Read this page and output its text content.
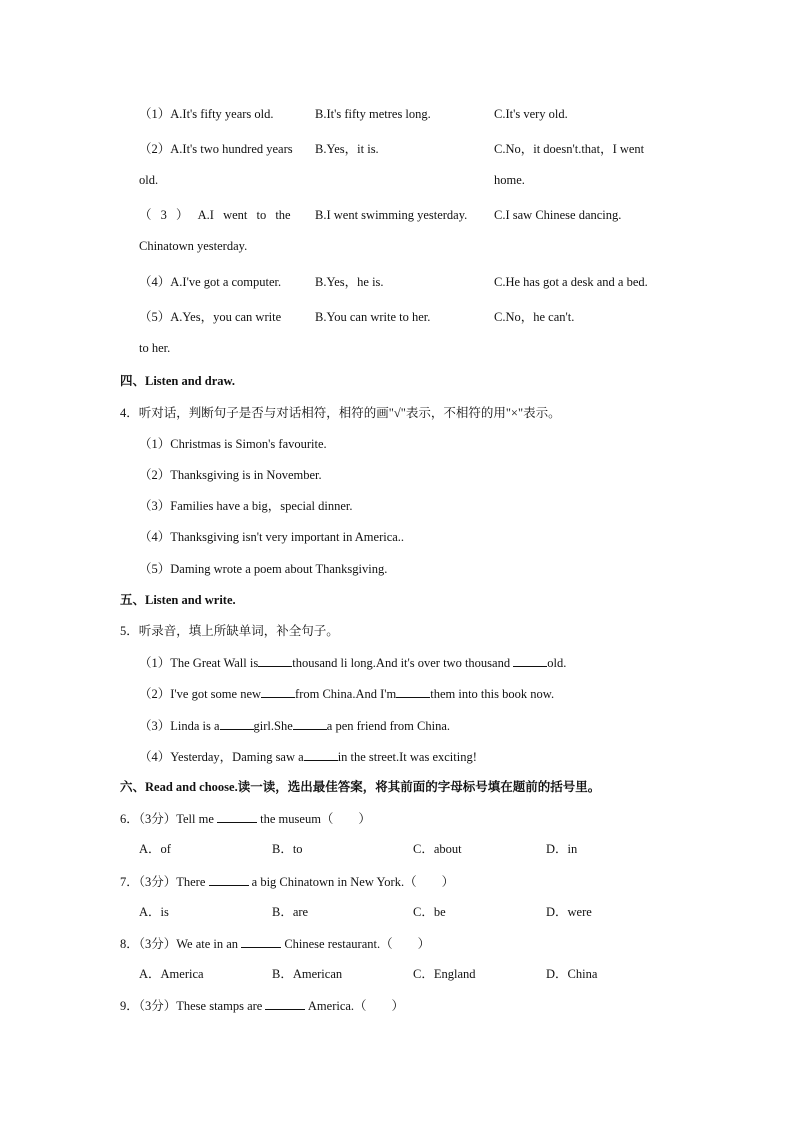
（1）A.It's fifty years old.	B.It's fifty metres long.	C.It's very old.
（2）A.It's two hundred years
old.
B.Yes，it is.	C.No，it doesn't.that，I went
home.
（ 3 ） A.I went to the
Chinatown yesterday.
B.I went swimming yesterday. C.I saw Chinese dancing.
（4）A.I've got a computer.	B.Yes，he is.	C.He has got a desk and a bed.
（5）A.Yes，you can write
to her.
B.You can write to her.	C.No，he can't.
四、Listen and draw.
4．听对话，判断句子是否与对话相符，相符的画"√"表示，不相符的用"×"表示。
（1）Christmas is Simon's favourite.
（2）Thanksgiving is in November.
（3）Families have a big，special dinner.
（4）Thanksgiving isn't very important in America..
（5）Daming wrote a poem about Thanksgiving.
五、Listen and write.
5．听录音，填上所缺单词，补全句子。
（1）The Great Wall is	thousand li long.And it's over two thousand	old.
（2）I've got some new	from China.And I'm	them into this book now.
（3）Linda is a	girl.She	a pen friend from China.
（4）Yesterday，Daming saw a	in the street.It was exciting!
六、Read and choose.读一读，选出最佳答案，将其前面的字母标号填在题前的括号里。
6．（3分）Tell me	the museum（　　）
A．of	B．to	C．about	D．in
7．（3分）There	a big Chinatown in New York.（　　）
A．is	B．are	C．be	D．were
8．（3分）We ate in an	Chinese restaurant.（　　）
A．America	B．American	C．England	D．China
9．（3分）These stamps are	America.（　　）
